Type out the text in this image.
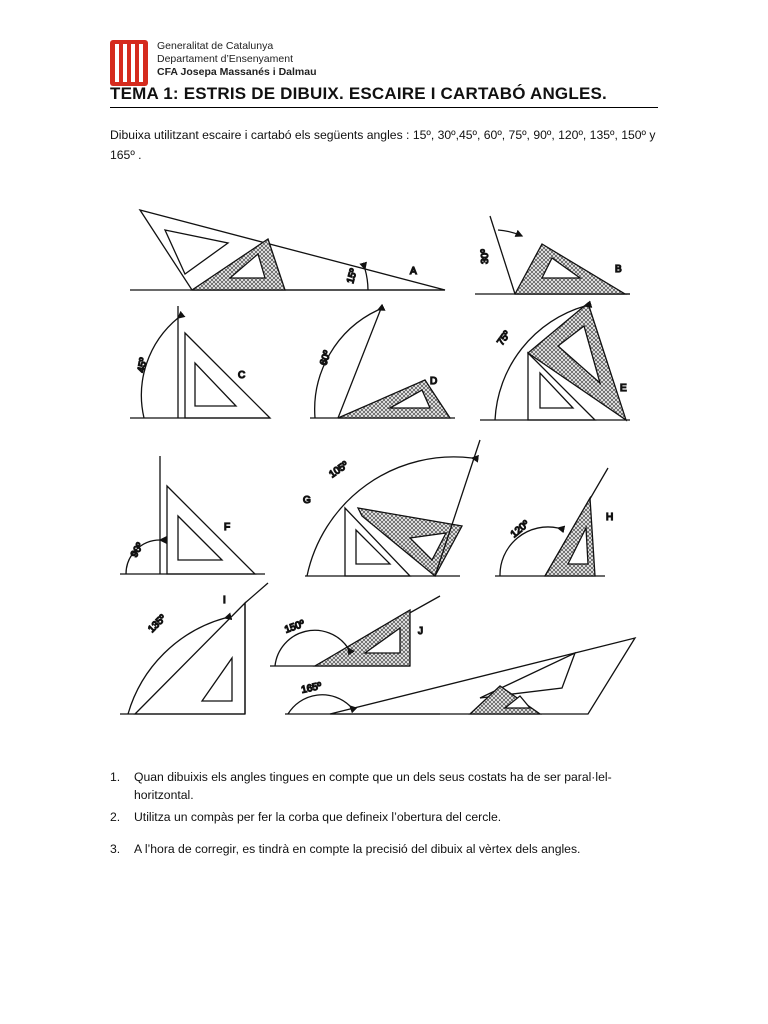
Generalitat de Catalunya
Departament d’Ensenyament
CFA Josepa Massanés i Dalmau
TEMA 1: ESTRIS DE DIBUIX. ESCAIRE I CARTABÓ ANGLES.

Dibuixa utilitzant escaire i cartabó els següents angles : 15º, 30º,45º, 60º, 75º, 90º, 120º, 135º, 150º y 165º .

15º	A
30º
B
45º
C
60º
D
75º
E
90º
F
105º
G
120º
H
135º
I
150º	J
165º
1.	Quan dibuixis els angles tingues en compte que un dels seus costats ha de ser paral·lel- horitzontal.
2.	Utilitza un compàs per fer la corba que defineix l’obertura del cercle.
3.	A l’hora de corregir, es tindrà en compte la precisió del dibuix al vèrtex dels angles.
